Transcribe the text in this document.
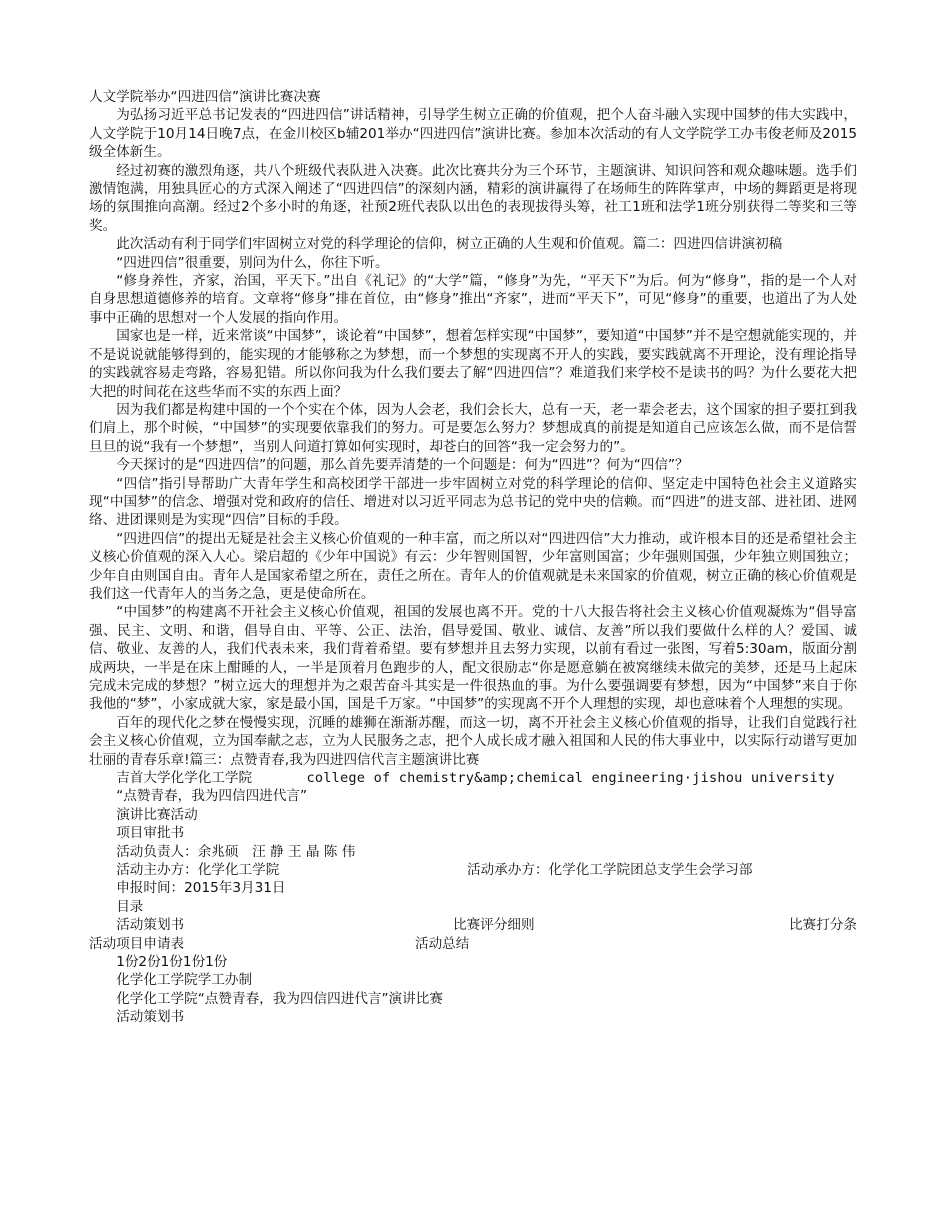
人文学院举办“四进四信”演讲比赛决赛

为弘扬习近平总书记发表的“四进四信”讲话精神，引导学生树立正确的价值观，把个人奋斗融入实现中国梦的伟大实践中，人文学院于10月14日晚7点，在金川校区b辅201举办“四进四信”演讲比赛。参加本次活动的有人文学院学工办韦俊老师及2015级全体新生。

经过初赛的激烈角逐，共八个班级代表队进入决赛。此次比赛共分为三个环节，主题演讲、知识问答和观众趣味题。选手们激情饱满，用独具匠心的方式深入阐述了“四进四信”的深刻内涵，精彩的演讲赢得了在场师生的阵阵掌声，中场的舞蹈更是将现场的氛围推向高潮。经过2个多小时的角逐，社预2班代表队以出色的表现拔得头筹，社工1班和法学1班分别获得二等奖和三等奖。

此次活动有利于同学们牢固树立对党的科学理论的信仰，树立正确的人生观和价值观。篇二：四进四信讲演初稿

“四进四信”很重要，别问为什么，你往下听。

“修身养性，齐家，治国，平天下。”出自《礼记》的“大学”篇，“修身”为先，“平天下”为后。何为“修身”，指的是一个人对自身思想道德修养的培育。文章将“修身”排在首位，由“修身”推出“齐家”，进而“平天下”，可见“修身”的重要，也道出了为人处事中正确的思想对一个人发展的指向作用。

国家也是一样，近来常谈“中国梦”，谈论着“中国梦”，想着怎样实现“中国梦”，要知道“中国梦”并不是空想就能实现的，并不是说说就能够得到的，能实现的才能够称之为梦想，而一个梦想的实现离不开人的实践，要实践就离不开理论，没有理论指导的实践就容易走弯路，容易犯错。所以你问我为什么我们要去了解“四进四信”？难道我们来学校不是读书的吗？为什么要花大把大把的时间花在这些华而不实的东西上面？

因为我们都是构建中国的一个个实在个体，因为人会老，我们会长大，总有一天，老一辈会老去，这个国家的担子要扛到我们肩上，那个时候，“中国梦”的实现要依靠我们的努力。可是要怎么努力？梦想成真的前提是知道自己应该怎么做，而不是信誓旦旦的说“我有一个梦想”，当别人问道打算如何实现时，却苍白的回答“我一定会努力的”。

今天探讨的是“四进四信”的问题，那么首先要弄清楚的一个问题是：何为“四进”？何为“四信”？

“四信”指引导帮助广大青年学生和高校团学干部进一步牢固树立对党的科学理论的信仰、坚定走中国特色社会主义道路实现“中国梦”的信念、增强对党和政府的信任、增进对以习近平同志为总书记的党中央的信赖。而“四进”的进支部、进社团、进网络、进团课则是为实现“四信”目标的手段。

“四进四信”的提出无疑是社会主义核心价值观的一种丰富，而之所以对“四进四信”大力推动，或许根本目的还是希望社会主义核心价值观的深入人心。梁启超的《少年中国说》有云：少年智则国智，少年富则国富；少年强则国强，少年独立则国独立；少年自由则国自由。青年人是国家希望之所在，责任之所在。青年人的价值观就是未来国家的价值观，树立正确的核心价值观是我们这一代青年人的当务之急，更是使命所在。

“中国梦”的构建离不开社会主义核心价值观，祖国的发展也离不开。党的十八大报告将社会主义核心价值观凝炼为“倡导富强、民主、文明、和谐，倡导自由、平等、公正、法治，倡导爱国、敬业、诚信、友善”所以我们要做什么样的人？爱国、诚信、敬业、友善的人，我们代表未来，我们背着希望。要有梦想并且去努力实现，以前有看过一张图，写着5:30am，版面分割成两块，一半是在床上酣睡的人，一半是顶着月色跑步的人，配文很励志“你是愿意躺在被窝继续未做完的美梦，还是马上起床完成未完成的梦想？”树立远大的理想并为之艰苦奋斗其实是一件很热血的事。为什么要强调要有梦想，因为“中国梦”来自于你我他的“梦”，小家成就大家，家是最小国，国是千万家。“中国梦”的实现离不开个人理想的实现，却也意味着个人理想的实现。

百年的现代化之梦在慢慢实现，沉睡的雄狮在渐渐苏醒，而这一切，离不开社会主义核心价值观的指导，让我们自觉践行社会主义核心价值观，立为国奉献之志，立为人民服务之志，把个人成长成才融入祖国和人民的伟大事业中，以实际行动谱写更加壮丽的青春乐章!篇三：点赞青春,我为四进四信代言主题演讲比赛

吉首大学化学化工学院　　　　	college of chemistry&amp;chemical engineering·jishou university

“点赞青春，我为四信四进代言”

演讲比赛活动

项目审批书

活动负责人：余兆硕　汪 静 王 晶 陈 伟

活动主办方：化学化工学院	活动承办方：化学化工学院团总支学生会学习部

申报时间：2015年3月31日

目录

活动策划书	比赛评分细则	比赛打分条
活动项目申请表	活动总结

1份2份1份1份1份

化学化工学院学工办制

化学化工学院“点赞青春，我为四信四进代言”演讲比赛

活动策划书
